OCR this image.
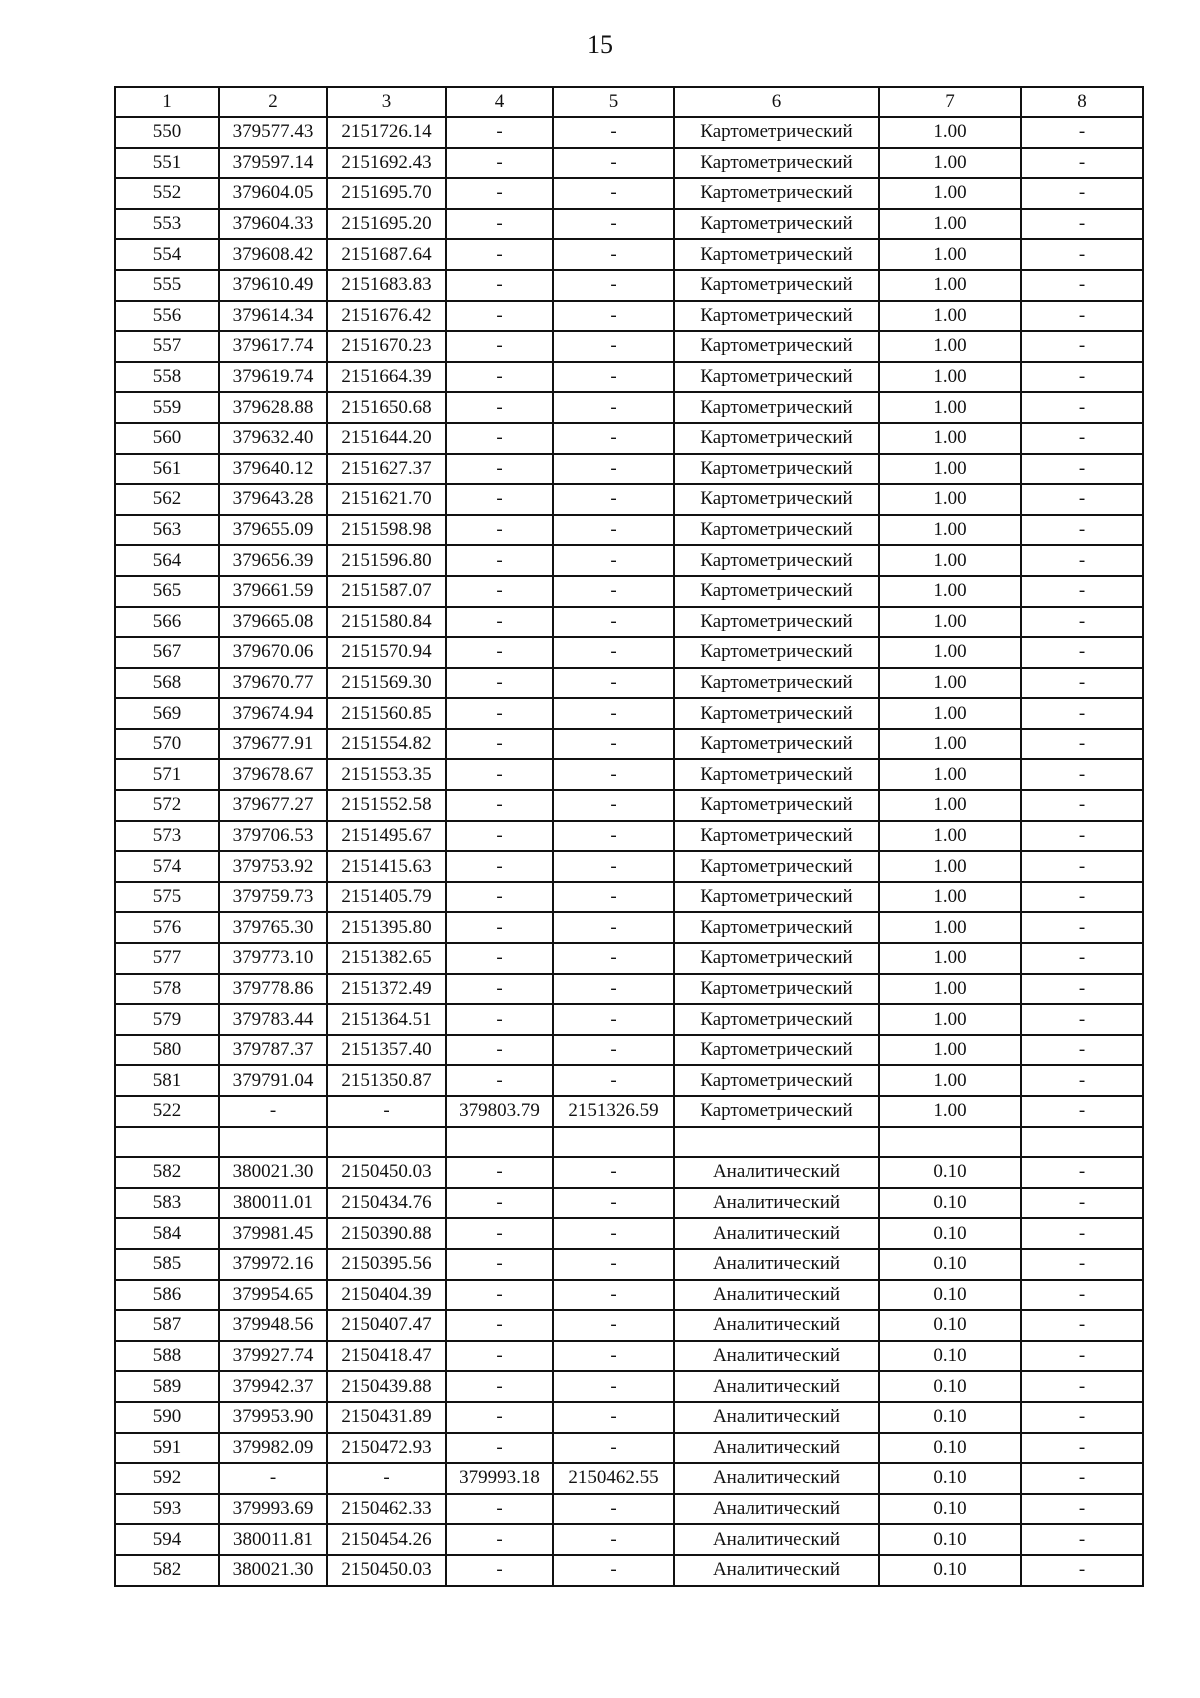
15
1	2	3	4	5	6	7	8
550	379577.43	2151726.14	-	-	Картометрический	1.00	-
551	379597.14	2151692.43	-	-	Картометрический	1.00	-
552	379604.05	2151695.70	-	-	Картометрический	1.00	-
553	379604.33	2151695.20	-	-	Картометрический	1.00	-
554	379608.42	2151687.64	-	-	Картометрический	1.00	-
555	379610.49	2151683.83	-	-	Картометрический	1.00	-
556	379614.34	2151676.42	-	-	Картометрический	1.00	-
557	379617.74	2151670.23	-	-	Картометрический	1.00	-
558	379619.74	2151664.39	-	-	Картометрический	1.00	-
559	379628.88	2151650.68	-	-	Картометрический	1.00	-
560	379632.40	2151644.20	-	-	Картометрический	1.00	-
561	379640.12	2151627.37	-	-	Картометрический	1.00	-
562	379643.28	2151621.70	-	-	Картометрический	1.00	-
563	379655.09	2151598.98	-	-	Картометрический	1.00	-
564	379656.39	2151596.80	-	-	Картометрический	1.00	-
565	379661.59	2151587.07	-	-	Картометрический	1.00	-
566	379665.08	2151580.84	-	-	Картометрический	1.00	-
567	379670.06	2151570.94	-	-	Картометрический	1.00	-
568	379670.77	2151569.30	-	-	Картометрический	1.00	-
569	379674.94	2151560.85	-	-	Картометрический	1.00	-
570	379677.91	2151554.82	-	-	Картометрический	1.00	-
571	379678.67	2151553.35	-	-	Картометрический	1.00	-
572	379677.27	2151552.58	-	-	Картометрический	1.00	-
573	379706.53	2151495.67	-	-	Картометрический	1.00	-
574	379753.92	2151415.63	-	-	Картометрический	1.00	-
575	379759.73	2151405.79	-	-	Картометрический	1.00	-
576	379765.30	2151395.80	-	-	Картометрический	1.00	-
577	379773.10	2151382.65	-	-	Картометрический	1.00	-
578	379778.86	2151372.49	-	-	Картометрический	1.00	-
579	379783.44	2151364.51	-	-	Картометрический	1.00	-
580	379787.37	2151357.40	-	-	Картометрический	1.00	-
581	379791.04	2151350.87	-	-	Картометрический	1.00	-
522	-	-	379803.79	2151326.59	Картометрический	1.00	-

582	380021.30	2150450.03	-	-	Аналитический	0.10	-
583	380011.01	2150434.76	-	-	Аналитический	0.10	-
584	379981.45	2150390.88	-	-	Аналитический	0.10	-
585	379972.16	2150395.56	-	-	Аналитический	0.10	-
586	379954.65	2150404.39	-	-	Аналитический	0.10	-
587	379948.56	2150407.47	-	-	Аналитический	0.10	-
588	379927.74	2150418.47	-	-	Аналитический	0.10	-
589	379942.37	2150439.88	-	-	Аналитический	0.10	-
590	379953.90	2150431.89	-	-	Аналитический	0.10	-
591	379982.09	2150472.93	-	-	Аналитический	0.10	-
592	-	-	379993.18	2150462.55	Аналитический	0.10	-
593	379993.69	2150462.33	-	-	Аналитический	0.10	-
594	380011.81	2150454.26	-	-	Аналитический	0.10	-
582	380021.30	2150450.03	-	-	Аналитический	0.10	-
